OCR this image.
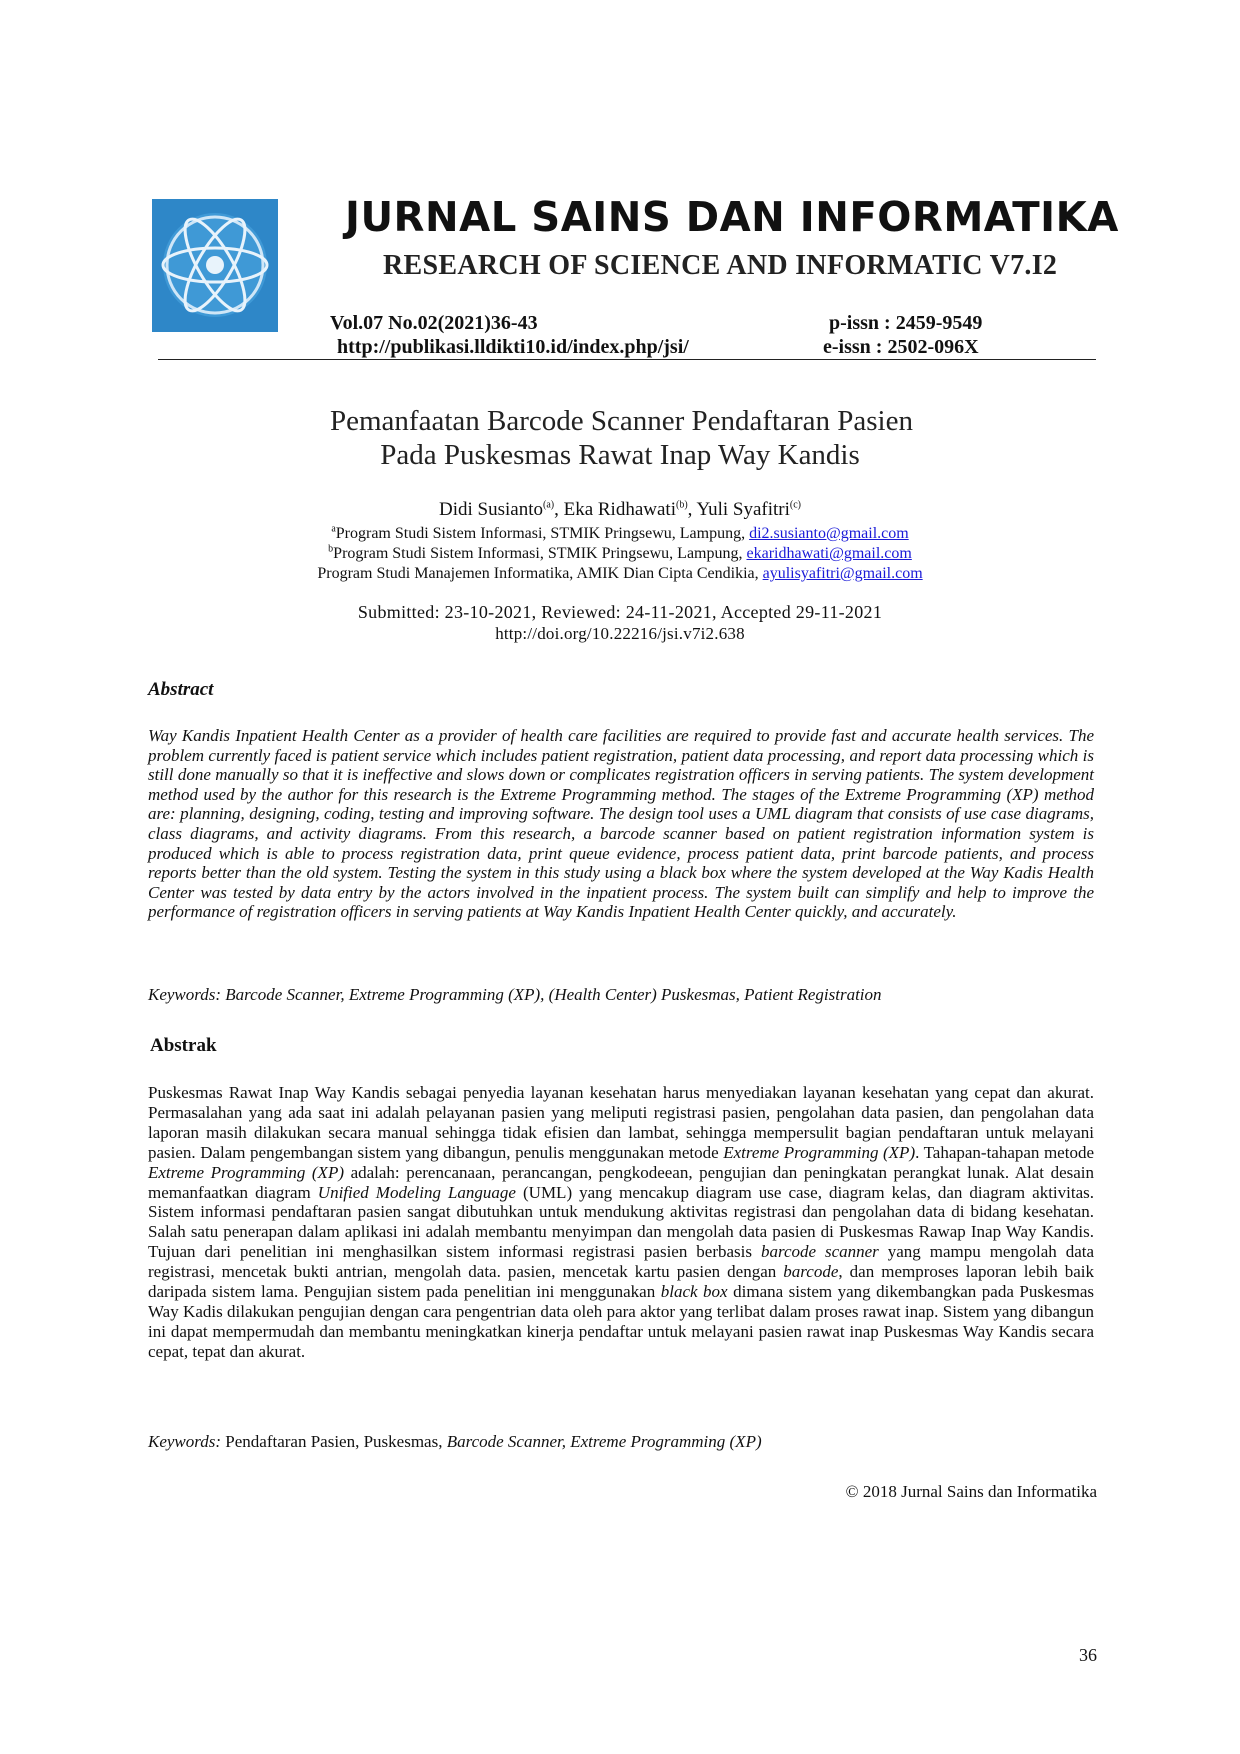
JURNAL SAINS DAN INFORMATIKA
RESEARCH OF SCIENCE AND INFORMATIC V7.I2
Vol.07 No.02(2021)36-43
http://publikasi.lldikti10.id/index.php/jsi/
p-issn : 2459-9549
e-issn : 2502-096X
Pemanfaatan Barcode Scanner Pendaftaran Pasien
Pada Puskesmas Rawat Inap Way Kandis
Didi Susianto$^{(a)}$, Eka Ridhawati$^{(b)}$, Yuli Syafitri$^{(c)}$
$^a$Program Studi Sistem Informasi, STMIK Pringsewu, Lampung, di2.susianto@gmail.com
$^b$Program Studi Sistem Informasi, STMIK Pringsewu, Lampung, ekaridhawati@gmail.com
Program Studi Manajemen Informatika, AMIK Dian Cipta Cendikia, ayulisyafitri@gmail.com
Submitted: 23-10-2021, Reviewed: 24-11-2021, Accepted 29-11-2021
http://doi.org/10.22216/jsi.v7i2.638
Abstract
Way Kandis Inpatient Health Center as a provider of health care facilities are required to provide fast and accurate health services. The problem currently faced is patient service which includes patient registration, patient data processing, and report data processing which is still done manually so that it is ineffective and slows down or complicates registration officers in serving patients. The system development method used by the author for this research is the Extreme Programming method. The stages of the Extreme Programming (XP) method are: planning, designing, coding, testing and improving software. The design tool uses a UML diagram that consists of use case diagrams, class diagrams, and activity diagrams. From this research, a barcode scanner based on patient registration information system is produced which is able to process registration data, print queue evidence, process patient data, print barcode patients, and process reports better than the old system. Testing the system in this study using a black box where the system developed at the Way Kadis Health Center was tested by data entry by the actors involved in the inpatient process. The system built can simplify and help to improve the performance of registration officers in serving patients at Way Kandis Inpatient Health Center quickly, and accurately.
Keywords: Barcode Scanner, Extreme Programming (XP), (Health Center) Puskesmas, Patient Registration
Abstrak
Puskesmas Rawat Inap Way Kandis sebagai penyedia layanan kesehatan harus menyediakan layanan kesehatan yang cepat dan akurat. Permasalahan yang ada saat ini adalah pelayanan pasien yang meliputi registrasi pasien, pengolahan data pasien, dan pengolahan data laporan masih dilakukan secara manual sehingga tidak efisien dan lambat, sehingga mempersulit bagian pendaftaran untuk melayani pasien. Dalam pengembangan sistem yang dibangun, penulis menggunakan metode Extreme Programming (XP). Tahapan-tahapan metode Extreme Programming (XP) adalah: perencanaan, perancangan, pengkodeean, pengujian dan peningkatan perangkat lunak. Alat desain memanfaatkan diagram Unified Modeling Language (UML) yang mencakup diagram use case, diagram kelas, dan diagram aktivitas. Sistem informasi pendaftaran pasien sangat dibutuhkan untuk mendukung aktivitas registrasi dan pengolahan data di bidang kesehatan. Salah satu penerapan dalam aplikasi ini adalah membantu menyimpan dan mengolah data pasien di Puskesmas Rawap Inap Way Kandis. Tujuan dari penelitian ini menghasilkan sistem informasi registrasi pasien berbasis barcode scanner yang mampu mengolah data registrasi, mencetak bukti antrian, mengolah data. pasien, mencetak kartu pasien dengan barcode, dan memproses laporan lebih baik daripada sistem lama. Pengujian sistem pada penelitian ini menggunakan black box dimana sistem yang dikembangkan pada Puskesmas Way Kadis dilakukan pengujian dengan cara pengentrian data oleh para aktor yang terlibat dalam proses rawat inap. Sistem yang dibangun ini dapat mempermudah dan membantu meningkatkan kinerja pendaftar untuk melayani pasien rawat inap Puskesmas Way Kandis secara cepat, tepat dan akurat.
Keywords: Pendaftaran Pasien, Puskesmas, Barcode Scanner, Extreme Programming (XP)
© 2018 Jurnal Sains dan Informatika
36
